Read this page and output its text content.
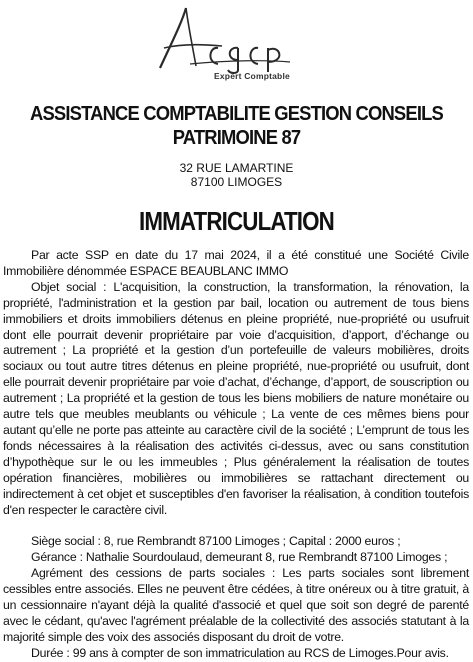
Expert Comptable
ASSISTANCE COMPTABILITE GESTION CONSEILS
PATRIMOINE 87
32 RUE LAMARTINE
87100 LIMOGES
IMMATRICULATION

Par acte SSP en date du 17 mai 2024, il a été constitué une Société Civile Immobilière dénommée ESPACE BEAUBLANC IMMO

Objet social : L'acquisition, la construction, la transformation, la rénovation, la propriété, l'administration et la gestion par bail, location ou autrement de tous biens immobiliers et droits immobiliers détenus en pleine propriété, nue-propriété ou usufruit dont elle pourrait devenir propriétaire par voie d’acquisition, d’apport, d’échange ou autrement ; La propriété et la gestion d’un portefeuille de valeurs mobilières, droits sociaux ou tout autre titres détenus en pleine propriété, nue-propriété ou usufruit, dont elle pourrait devenir propriétaire par voie d’achat, d’échange, d’apport, de souscription ou autrement ; La propriété et la gestion de tous les biens mobiliers de nature monétaire ou autre tels que meubles meublants ou véhicule ; La vente de ces mêmes biens pour autant qu’elle ne porte pas atteinte au caractère civil de la société ; L’emprunt de tous les fonds nécessaires à la réalisation des activités ci-dessus, avec ou sans constitution d’hypothèque sur le ou les immeubles ; Plus généralement la réalisation de toutes opération financières, mobilières ou immobilières se rattachant directement ou indirectement à cet objet et susceptibles d'en favoriser la réalisation, à condition toutefois d'en respecter le caractère civil.

Siège social : 8, rue Rembrandt 87100 Limoges ; Capital : 2000 euros ;

Gérance : Nathalie Sourdoulaud, demeurant 8, rue Rembrandt 87100 Limoges ;

Agrément des cessions de parts sociales : Les parts sociales sont librement cessibles entre associés. Elles ne peuvent être cédées, à titre onéreux ou à titre gratuit, à un cessionnaire n'ayant déjà la qualité d'associé et quel que soit son degré de parenté avec le cédant, qu'avec l'agrément préalable de la collectivité des associés statutant à la majorité simple des voix des associés disposant du droit de votre.

Durée : 99 ans à compter de son immatriculation au RCS de Limoges.Pour avis.
